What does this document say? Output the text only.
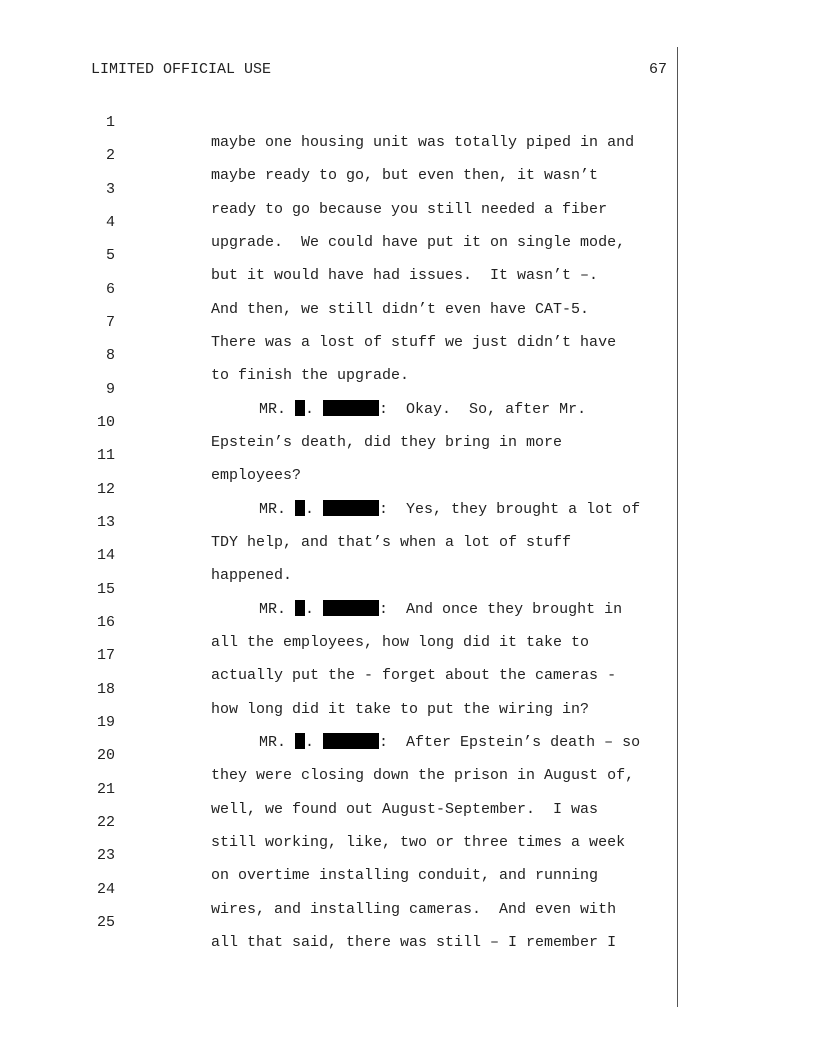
LIMITED OFFICIAL USE	67

1

maybe one housing unit was totally piped in and

2

maybe ready to go, but even then, it wasn’t

3

ready to go because you still needed a fiber

4

upgrade.  We could have put it on single mode,

5

but it would have had issues.  It wasn’t –.

6

And then, we still didn’t even have CAT-5.

7

There was a lost of stuff we just didn’t have

8

to finish the upgrade.

9

MR. .	:  Okay.  So, after Mr.

10

Epstein’s death, did they bring in more

11

employees?

12

MR. .	:  Yes, they brought a lot of

13

TDY help, and that’s when a lot of stuff

14

happened.

15

MR. .	:  And once they brought in

16

all the employees, how long did it take to

17

actually put the - forget about the cameras -

18

how long did it take to put the wiring in?

19

MR. .	:  After Epstein’s death – so

20

they were closing down the prison in August of,

21

well, we found out August-September.  I was

22

still working, like, two or three times a week

23

on overtime installing conduit, and running

24

wires, and installing cameras.  And even with

25

all that said, there was still – I remember I
